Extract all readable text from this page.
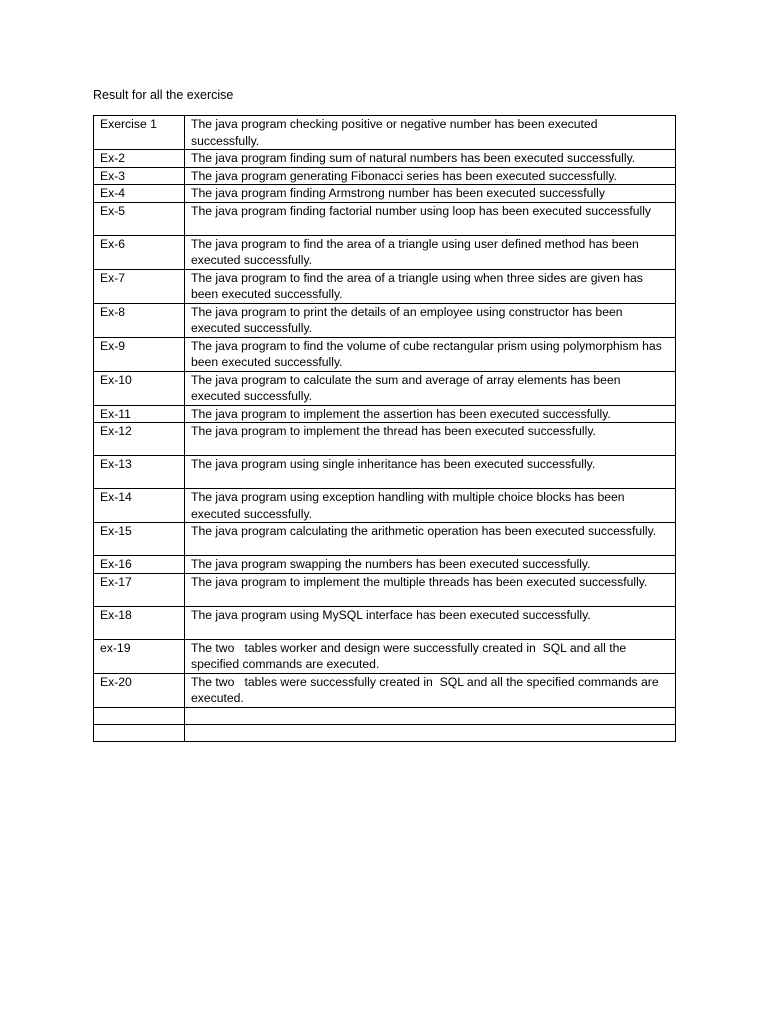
Result for all the exercise
Exercise 1	The java program checking positive or negative number has been executed successfully.
Ex-2	The java program finding sum of natural numbers has been executed successfully.
Ex-3	The java program generating Fibonacci series has been executed successfully.
Ex-4	The java program finding Armstrong number has been executed successfully
Ex-5	The java program finding factorial number using loop has been executed successfully
Ex-6	The java program to find the area of a triangle using user defined method has been executed successfully.
Ex-7	The java program to find the area of a triangle using when three sides are given has been executed successfully.
Ex-8	The java program to print the details of an employee using constructor has been executed successfully.
Ex-9	The java program to find the volume of cube rectangular prism using polymorphism has been executed successfully.
Ex-10	The java program to calculate the sum and average of array elements has been executed successfully.
Ex-11	The java program to implement the assertion has been executed successfully.
Ex-12	The java program to implement the thread has been executed successfully.
Ex-13	The java program using single inheritance has been executed successfully.
Ex-14	The java program using exception handling with multiple choice blocks has been executed successfully.
Ex-15	The java program calculating the arithmetic operation has been executed successfully.
Ex-16	The java program swapping the numbers has been executed successfully.
Ex-17	The java program to implement the multiple threads has been executed successfully.
Ex-18	The java program using MySQL interface has been executed successfully.
ex-19	The two   tables worker and design were successfully created in  SQL and all the specified commands are executed.
Ex-20	The two   tables were successfully created in  SQL and all the specified commands are executed.
